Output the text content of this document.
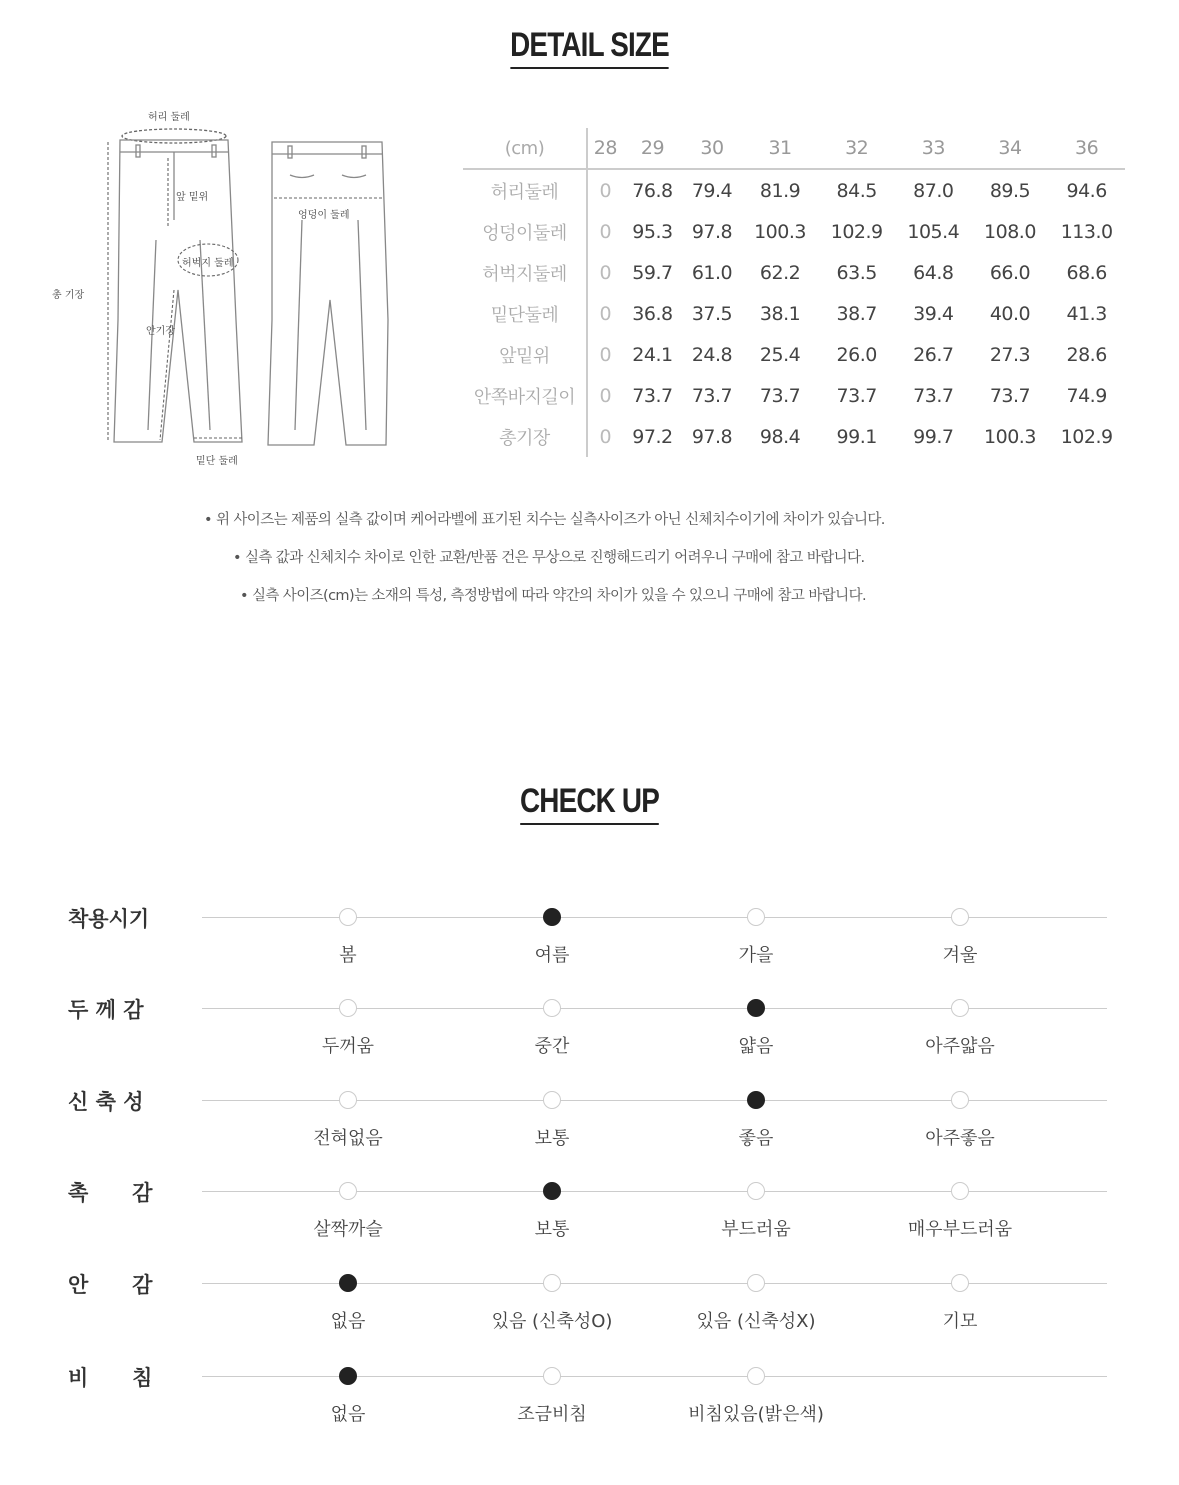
DETAIL SIZE
허리 둘레
앞 밑위
엉덩이 둘레
허벅지 둘레
총 기장
안기장
밑단 둘레
(cm)	28	29	30	31	32	33	34	36
허리둘레	0	76.8	79.4	81.9	84.5	87.0	89.5	94.6
엉덩이둘레	0	95.3	97.8	100.3	102.9	105.4	108.0	113.0
허벅지둘레	0	59.7	61.0	62.2	63.5	64.8	66.0	68.6
밑단둘레	0	36.8	37.5	38.1	38.7	39.4	40.0	41.3
앞밑위	0	24.1	24.8	25.4	26.0	26.7	27.3	28.6
안쪽바지길이	0	73.7	73.7	73.7	73.7	73.7	73.7	74.9
총기장	0	97.2	97.8	98.4	99.1	99.7	100.3	102.9
• 위 사이즈는 제품의 실측 값이며 케어라벨에 표기된 치수는 실측사이즈가 아닌 신체치수이기에 차이가 있습니다.
• 실측 값과 신체치수 차이로 인한 교환/반품 건은 무상으로 진행해드리기 어려우니 구매에 참고 바랍니다.
• 실측 사이즈(cm)는 소재의 특성, 측정방법에 따라 약간의 차이가 있을 수 있으니 구매에 참고 바랍니다.
CHECK UP
착용시기
봄	여름	가을	겨울
두 께 감
두꺼움	중간	얇음	아주얇음
신 축 성
전혀없음	보통	좋음	아주좋음
촉      감
살짝까슬	보통	부드러움	매우부드러움
안      감
없음	있음 (신축성O)	있음 (신축성X)	기모
비      침
없음	조금비침	비침있음(밝은색)
